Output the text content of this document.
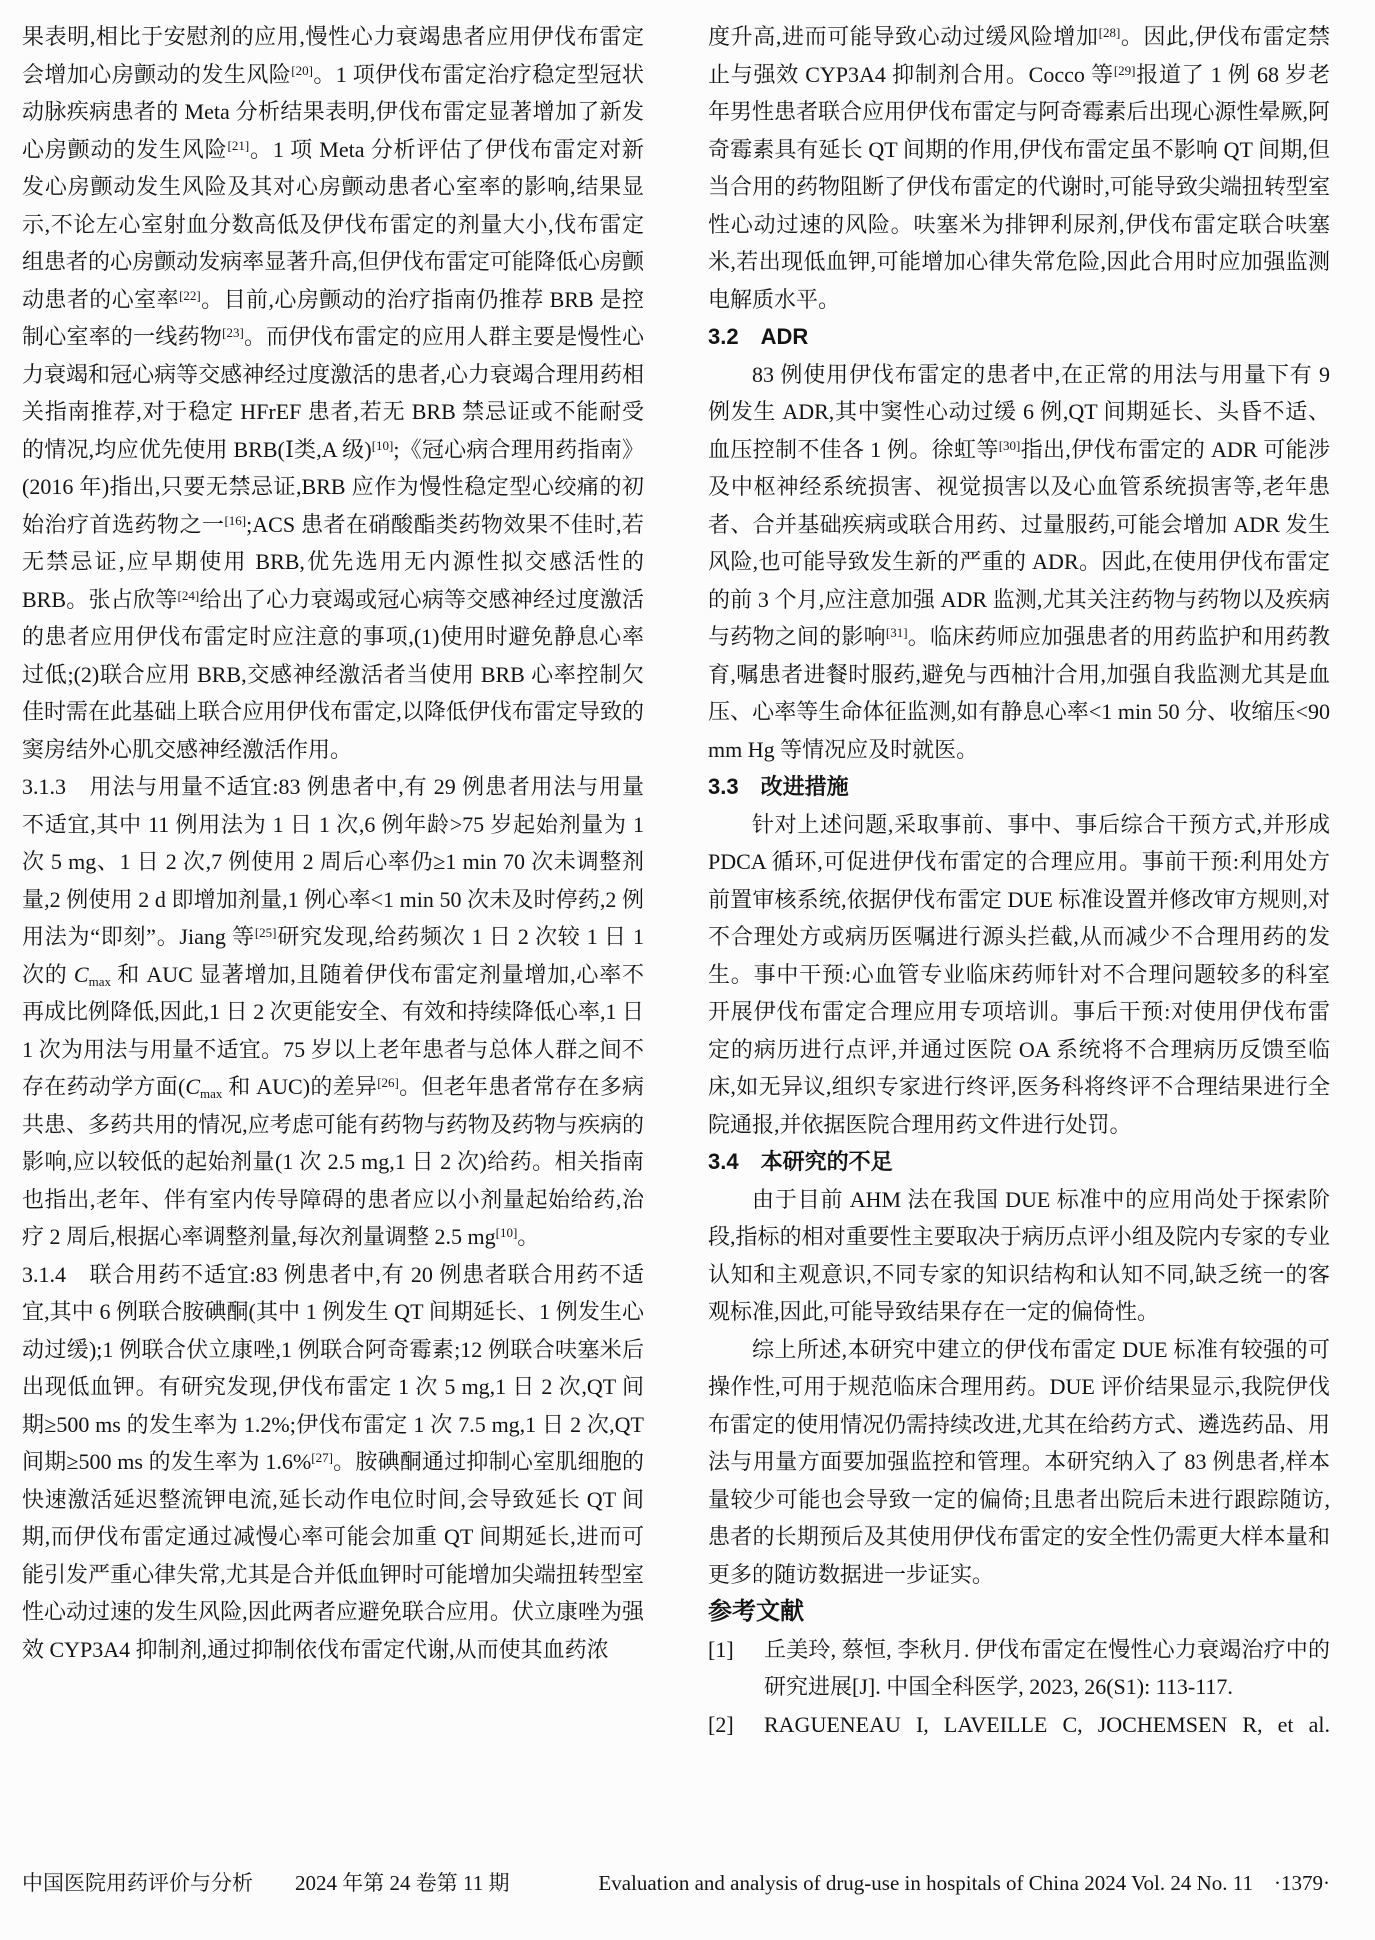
果表明,相比于安慰剂的应用,慢性心力衰竭患者应用伊伐布雷定会增加心房颤动的发生风险[20]。1 项伊伐布雷定治疗稳定型冠状动脉疾病患者的 Meta 分析结果表明,伊伐布雷定显著增加了新发心房颤动的发生风险[21]。1 项 Meta 分析评估了伊伐布雷定对新发心房颤动发生风险及其对心房颤动患者心室率的影响,结果显示,不论左心室射血分数高低及伊伐布雷定的剂量大小,伐布雷定组患者的心房颤动发病率显著升高,但伊伐布雷定可能降低心房颤动患者的心室率[22]。目前,心房颤动的治疗指南仍推荐 BRB 是控制心室率的一线药物[23]。而伊伐布雷定的应用人群主要是慢性心力衰竭和冠心病等交感神经过度激活的患者,心力衰竭合理用药相关指南推荐,对于稳定 HFrEF 患者,若无 BRB 禁忌证或不能耐受的情况,均应优先使用 BRB(Ⅰ类,A 级)[10];《冠心病合理用药指南》(2016 年)指出,只要无禁忌证,BRB 应作为慢性稳定型心绞痛的初始治疗首选药物之一[16];ACS 患者在硝酸酯类药物效果不佳时,若无禁忌证,应早期使用 BRB,优先选用无内源性拟交感活性的 BRB。张占欣等[24]给出了心力衰竭或冠心病等交感神经过度激活的患者应用伊伐布雷定时应注意的事项,(1)使用时避免静息心率过低;(2)联合应用 BRB,交感神经激活者当使用 BRB 心率控制欠佳时需在此基础上联合应用伊伐布雷定,以降低伊伐布雷定导致的窦房结外心肌交感神经激活作用。
3.1.3　用法与用量不适宜:83 例患者中,有 29 例患者用法与用量不适宜,其中 11 例用法为 1 日 1 次,6 例年龄>75 岁起始剂量为 1 次 5 mg、1 日 2 次,7 例使用 2 周后心率仍≥1 min 70 次未调整剂量,2 例使用 2 d 即增加剂量,1 例心率<1 min 50 次未及时停药,2 例用法为“即刻”。Jiang 等[25]研究发现,给药频次 1 日 2 次较 1 日 1 次的 $C_{max}$ 和 AUC 显著增加,且随着伊伐布雷定剂量增加,心率不再成比例降低,因此,1 日 2 次更能安全、有效和持续降低心率,1 日 1 次为用法与用量不适宜。75 岁以上老年患者与总体人群之间不存在药动学方面($C_{max}$ 和 AUC)的差异[26]。但老年患者常存在多病共患、多药共用的情况,应考虑可能有药物与药物及药物与疾病的影响,应以较低的起始剂量(1 次 2.5 mg,1 日 2 次)给药。相关指南也指出,老年、伴有室内传导障碍的患者应以小剂量起始给药,治疗 2 周后,根据心率调整剂量,每次剂量调整 2.5 mg[10]。
3.1.4　联合用药不适宜:83 例患者中,有 20 例患者联合用药不适宜,其中 6 例联合胺碘酮(其中 1 例发生 QT 间期延长、1 例发生心动过缓);1 例联合伏立康唑,1 例联合阿奇霉素;12 例联合呋塞米后出现低血钾。有研究发现,伊伐布雷定 1 次 5 mg,1 日 2 次,QT 间期≥500 ms 的发生率为 1.2%;伊伐布雷定 1 次 7.5 mg,1 日 2 次,QT 间期≥500 ms 的发生率为 1.6%[27]。胺碘酮通过抑制心室肌细胞的快速激活延迟整流钾电流,延长动作电位时间,会导致延长 QT 间期,而伊伐布雷定通过减慢心率可能会加重 QT 间期延长,进而可能引发严重心律失常,尤其是合并低血钾时可能增加尖端扭转型室性心动过速的发生风险,因此两者应避免联合应用。伏立康唑为强效 CYP3A4 抑制剂,通过抑制依伐布雷定代谢,从而使其血药浓
度升高,进而可能导致心动过缓风险增加[28]。因此,伊伐布雷定禁止与强效 CYP3A4 抑制剂合用。Cocco 等[29]报道了 1 例 68 岁老年男性患者联合应用伊伐布雷定与阿奇霉素后出现心源性晕厥,阿奇霉素具有延长 QT 间期的作用,伊伐布雷定虽不影响 QT 间期,但当合用的药物阻断了伊伐布雷定的代谢时,可能导致尖端扭转型室性心动过速的风险。呋塞米为排钾利尿剂,伊伐布雷定联合呋塞米,若出现低血钾,可能增加心律失常危险,因此合用时应加强监测电解质水平。
3.2　ADR
83 例使用伊伐布雷定的患者中,在正常的用法与用量下有 9 例发生 ADR,其中窦性心动过缓 6 例,QT 间期延长、头昏不适、血压控制不佳各 1 例。徐虹等[30]指出,伊伐布雷定的 ADR 可能涉及中枢神经系统损害、视觉损害以及心血管系统损害等,老年患者、合并基础疾病或联合用药、过量服药,可能会增加 ADR 发生风险,也可能导致发生新的严重的 ADR。因此,在使用伊伐布雷定的前 3 个月,应注意加强 ADR 监测,尤其关注药物与药物以及疾病与药物之间的影响[31]。临床药师应加强患者的用药监护和用药教育,嘱患者进餐时服药,避免与西柚汁合用,加强自我监测尤其是血压、心率等生命体征监测,如有静息心率<1 min 50 分、收缩压<90 mm Hg 等情况应及时就医。
3.3　改进措施
针对上述问题,采取事前、事中、事后综合干预方式,并形成 PDCA 循环,可促进伊伐布雷定的合理应用。事前干预:利用处方前置审核系统,依据伊伐布雷定 DUE 标准设置并修改审方规则,对不合理处方或病历医嘱进行源头拦截,从而减少不合理用药的发生。事中干预:心血管专业临床药师针对不合理问题较多的科室开展伊伐布雷定合理应用专项培训。事后干预:对使用伊伐布雷定的病历进行点评,并通过医院 OA 系统将不合理病历反馈至临床,如无异议,组织专家进行终评,医务科将终评不合理结果进行全院通报,并依据医院合理用药文件进行处罚。
3.4　本研究的不足
由于目前 AHM 法在我国 DUE 标准中的应用尚处于探索阶段,指标的相对重要性主要取决于病历点评小组及院内专家的专业认知和主观意识,不同专家的知识结构和认知不同,缺乏统一的客观标准,因此,可能导致结果存在一定的偏倚性。
综上所述,本研究中建立的伊伐布雷定 DUE 标准有较强的可操作性,可用于规范临床合理用药。DUE 评价结果显示,我院伊伐布雷定的使用情况仍需持续改进,尤其在给药方式、遴选药品、用法与用量方面要加强监控和管理。本研究纳入了 83 例患者,样本量较少可能也会导致一定的偏倚;且患者出院后未进行跟踪随访,患者的长期预后及其使用伊伐布雷定的安全性仍需更大样本量和更多的随访数据进一步证实。
参考文献
[1]	丘美玲, 蔡恒, 李秋月. 伊伐布雷定在慢性心力衰竭治疗中的研究进展[J]. 中国全科医学, 2023, 26(S1): 113-117.
[2]	RAGUENEAU I, LAVEILLE C, JOCHEMSEN R, et al.
中国医院用药评价与分析　　2024 年第 24 卷第 11 期	Evaluation and analysis of drug-use in hospitals of China 2024 Vol. 24 No. 11　·1379·
